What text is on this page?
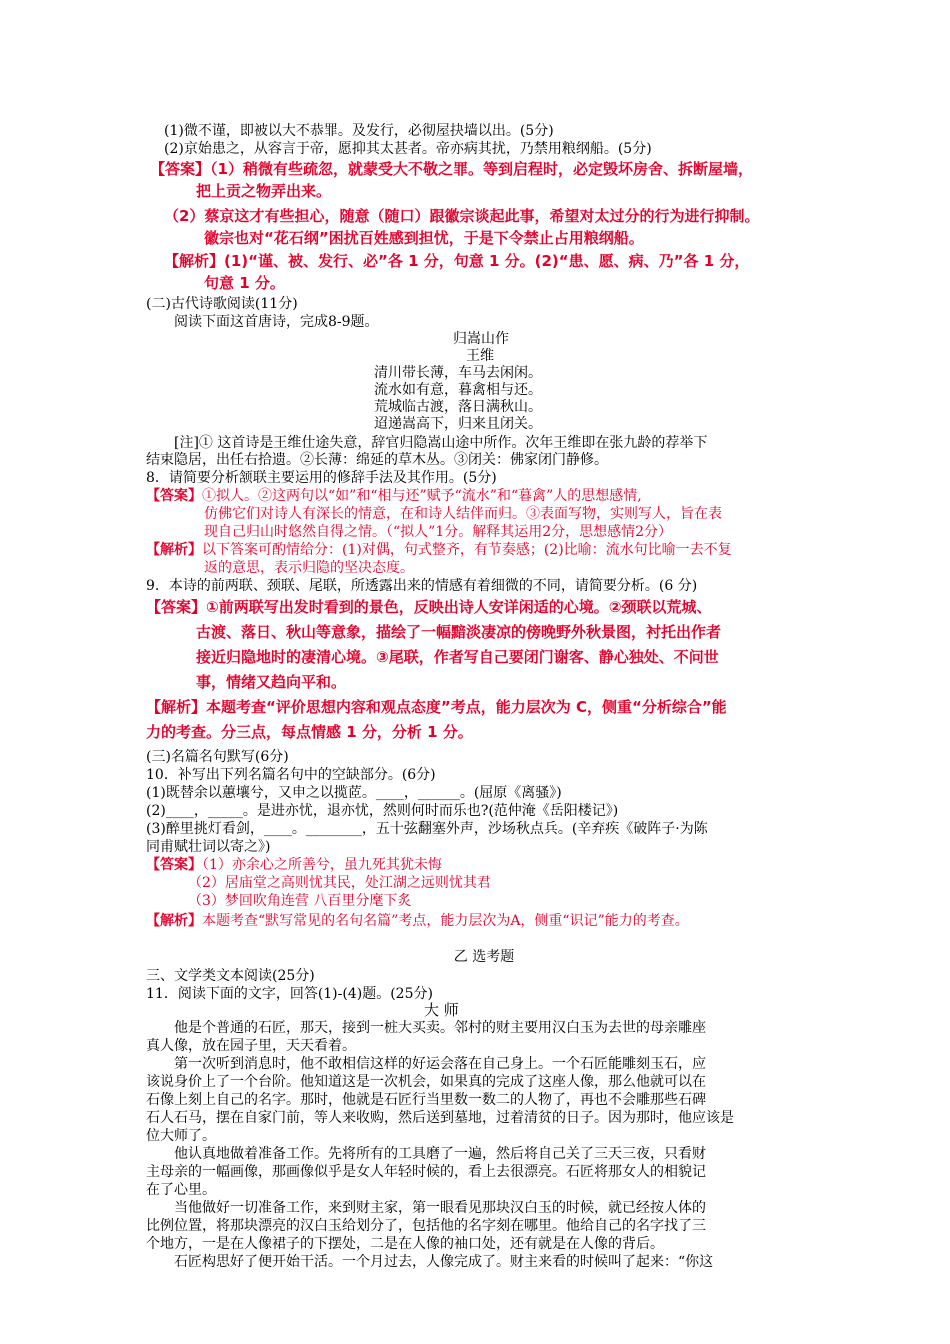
(1)微不谨，即被以大不恭罪。及发行，必彻屋抉墙以出。(5分)
(2)京始患之，从容言于帝，愿抑其太甚者。帝亦病其扰，乃禁用粮纲船。(5分)
【答案】（1）稍微有些疏忽，就蒙受大不敬之罪。等到启程时，必定毁坏房舍、拆断屋墙，
把上贡之物弄出来。
（2）蔡京这才有些担心，随意（随口）跟徽宗谈起此事，希望对太过分的行为进行抑制。
徽宗也对“花石纲”困扰百姓感到担忧，于是下令禁止占用粮纲船。
【解析】(1)“谨、被、发行、必”各 1 分，句意 1 分。(2)“患、愿、病、乃”各 1 分，
句意 1 分。
(二)古代诗歌阅读(11分)
阅读下面这首唐诗，完成8-9题。
归嵩山作
王维
清川带长薄，车马去闲闲。
流水如有意，暮禽相与还。
荒城临古渡，落日满秋山。
迢递嵩高下，归来且闭关。
[注]① 这首诗是王维仕途失意，辞官归隐嵩山途中所作。次年王维即在张九龄的荐举下
结束隐居，出任右拾遗。②长薄：绵延的草木丛。③闭关：佛家闭门静修。
8．请简要分析颔联主要运用的修辞手法及其作用。(5分)
【答案】①拟人。②这两句以“如”和“相与还”赋予“流水”和“暮禽”人的思想感情,
仿佛它们对诗人有深长的情意，在和诗人结伴而归。③表面写物，实则写人，旨在表
现自己归山时悠然自得之情。（“拟人”1分。解释其运用2分，思想感情2分）
【解析】以下答案可酌情给分：(1)对偶，句式整齐，有节奏感；(2)比喻：流水句比喻一去不复
返的意思，表示归隐的坚决态度。
9．本诗的前两联、颈联、尾联，所透露出来的情感有着细微的不同，请简要分析。(6 分)
【答案】①前两联写出发时看到的景色，反映出诗人安详闲适的心境。②颈联以荒城、
古渡、落日、秋山等意象，描绘了一幅黯淡凄凉的傍晚野外秋景图，衬托出作者
接近归隐地时的凄清心境。③尾联，作者写自己要闭门谢客、静心独处、不问世
事，情绪又趋向平和。
【解析】本题考查“评价思想内容和观点态度”考点，能力层次为 C，侧重“分析综合”能
力的考查。分三点，每点情感 1 分，分析 1 分。
(三)名篇名句默写(6分)
10．补写出下列名篇名句中的空缺部分。(6分)
(1)既替余以蕙壤兮，又申之以揽茝。____，______。(屈原《离骚》)
(2)____，_____。是进亦忧，退亦忧，然则何时而乐也?(范仲淹《岳阳楼记》)
(3)醉里挑灯看剑，____。________，五十弦翻塞外声，沙场秋点兵。(辛弃疾《破阵子·为陈
同甫赋壮词以寄之》)
【答案】（1）亦余心之所善兮，虽九死其犹未悔
（2）居庙堂之高则忧其民，处江湖之远则忧其君
（3）梦回吹角连营 八百里分麾下炙
【解析】本题考查“默写常见的名句名篇”考点，能力层次为A，侧重“识记”能力的考查。
乙 选考题
三、文学类文本阅读(25分)
11．阅读下面的文字，回答(1)-(4)题。(25分)
大 师
他是个普通的石匠，那天，接到一桩大买卖。邻村的财主要用汉白玉为去世的母亲雕座
真人像，放在园子里，天天看着。
第一次听到消息时，他不敢相信这样的好运会落在自己身上。一个石匠能雕刻玉石，应
该说身价上了一个台阶。他知道这是一次机会，如果真的完成了这座人像，那么他就可以在
石像上刻上自己的名字。那时，他就是石匠行当里数一数二的人物了，再也不会雕那些石碑
石人石马，摆在自家门前，等人来收购，然后送到墓地，过着清贫的日子。因为那时，他应该是
位大师了。
他认真地做着准备工作。先将所有的工具磨了一遍，然后将自己关了三天三夜，只看财
主母亲的一幅画像，那画像似乎是女人年轻时候的，看上去很漂亮。石匠将那女人的相貌记
在了心里。
当他做好一切准备工作，来到财主家，第一眼看见那块汉白玉的时候，就已经按人体的
比例位置，将那块漂亮的汉白玉给划分了，包括他的名字刻在哪里。他给自己的名字找了三
个地方，一是在人像裙子的下摆处，二是在人像的袖口处，还有就是在人像的背后。
石匠构思好了便开始干活。一个月过去，人像完成了。财主来看的时候叫了起来：“你这
